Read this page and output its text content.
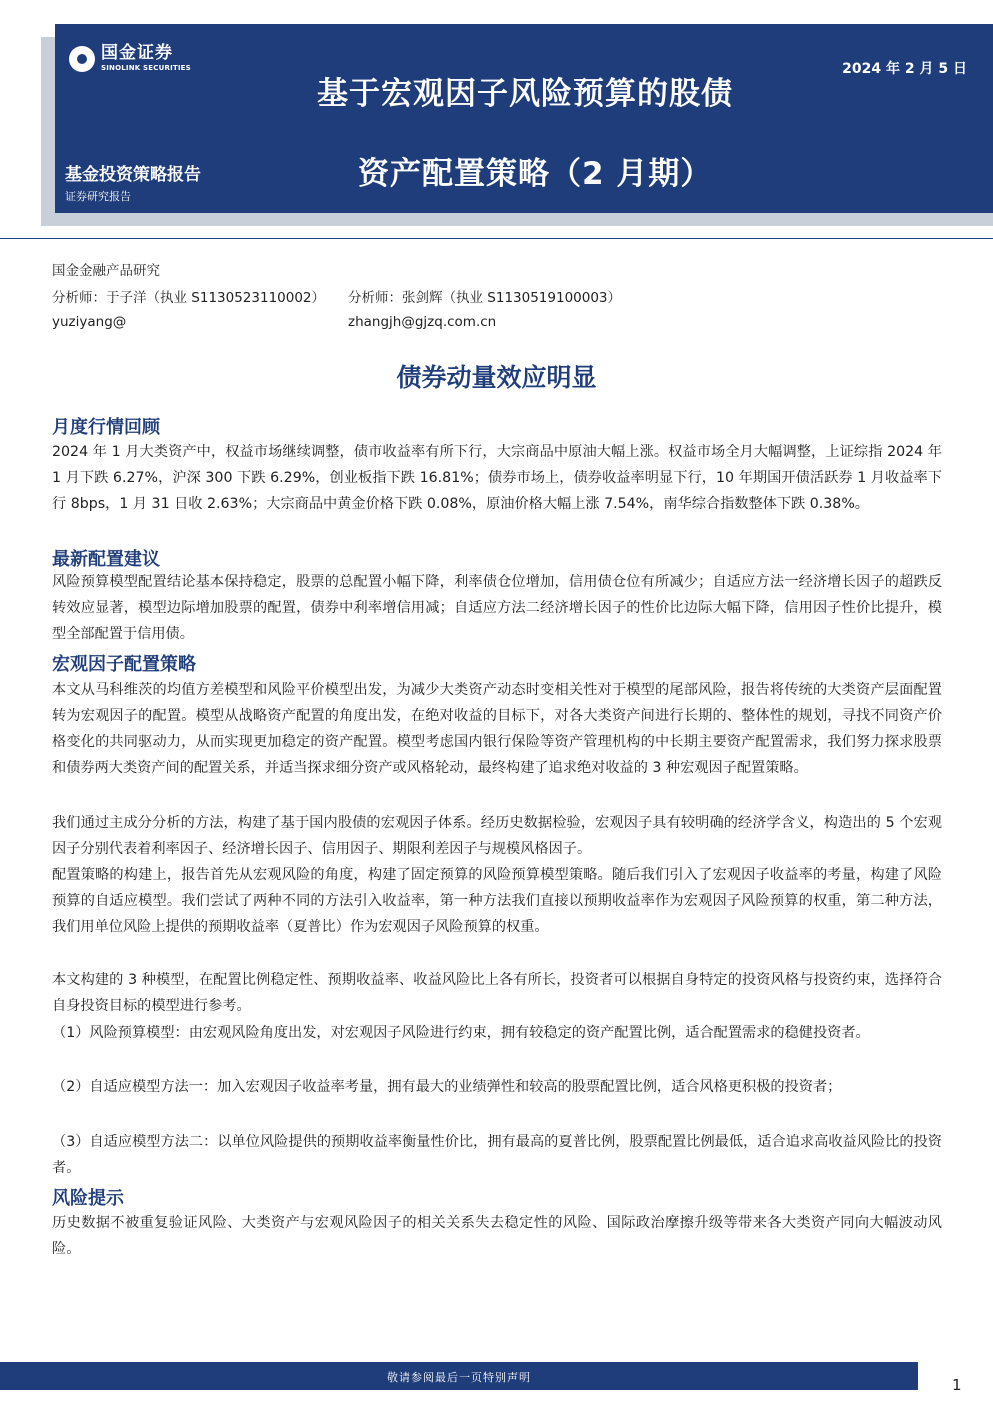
国金证券
SINOLINK SECURITIES	2024 年 2 月 5 日
基于宏观因子风险预算的股债
资产配置策略（2 月期）
基金投资策略报告
证券研究报告
国金金融产品研究
分析师：于子洋（执业 S1130523110002） 分析师：张剑辉（执业 S1130519100003）
yuziyang@	zhangjh@gjzq.com.cn
债券动量效应明显
月度行情回顾
2024 年 1 月大类资产中，权益市场继续调整，债市收益率有所下行，大宗商品中原油大幅上涨。权益市场全月大幅调整，上证综指 2024 年 1 月下跌 6.27%，沪深 300 下跌 6.29%，创业板指下跌 16.81%；债券市场上，债券收益率明显下行，10 年期国开债活跃券 1 月收益率下行 8bps，1 月 31 日收 2.63%；大宗商品中黄金价格下跌 0.08%，原油价格大幅上涨 7.54%，南华综合指数整体下跌 0.38%。
最新配置建议
风险预算模型配置结论基本保持稳定，股票的总配置小幅下降，利率债仓位增加，信用债仓位有所减少；自适应方法一经济增长因子的超跌反转效应显著，模型边际增加股票的配置，债券中利率增信用减；自适应方法二经济增长因子的性价比边际大幅下降，信用因子性价比提升，模型全部配置于信用债。
宏观因子配置策略
本文从马科维茨的均值方差模型和风险平价模型出发，为减少大类资产动态时变相关性对于模型的尾部风险，报告将传统的大类资产层面配置转为宏观因子的配置。模型从战略资产配置的角度出发，在绝对收益的目标下，对各大类资产间进行长期的、整体性的规划，寻找不同资产价格变化的共同驱动力，从而实现更加稳定的资产配置。模型考虑国内银行保险等资产管理机构的中长期主要资产配置需求，我们努力探求股票和债券两大类资产间的配置关系，并适当探求细分资产或风格轮动，最终构建了追求绝对收益的 3 种宏观因子配置策略。
我们通过主成分分析的方法，构建了基于国内股债的宏观因子体系。经历史数据检验，宏观因子具有较明确的经济学含义，构造出的 5 个宏观因子分别代表着利率因子、经济增长因子、信用因子、期限利差因子与规模风格因子。
配置策略的构建上，报告首先从宏观风险的角度，构建了固定预算的风险预算模型策略。随后我们引入了宏观因子收益率的考量，构建了风险预算的自适应模型。我们尝试了两种不同的方法引入收益率，第一种方法我们直接以预期收益率作为宏观因子风险预算的权重，第二种方法，我们用单位风险上提供的预期收益率（夏普比）作为宏观因子风险预算的权重。
本文构建的 3 种模型，在配置比例稳定性、预期收益率、收益风险比上各有所长，投资者可以根据自身特定的投资风格与投资约束，选择符合自身投资目标的模型进行参考。
（1）风险预算模型：由宏观风险角度出发，对宏观因子风险进行约束，拥有较稳定的资产配置比例，适合配置需求的稳健投资者。
（2）自适应模型方法一：加入宏观因子收益率考量，拥有最大的业绩弹性和较高的股票配置比例，适合风格更积极的投资者；
（3）自适应模型方法二：以单位风险提供的预期收益率衡量性价比，拥有最高的夏普比例，股票配置比例最低，适合追求高收益风险比的投资者。
风险提示
历史数据不被重复验证风险、大类资产与宏观风险因子的相关关系失去稳定性的风险、国际政治摩擦升级等带来各大类资产同向大幅波动风险。
敬请参阅最后一页特别声明	1
